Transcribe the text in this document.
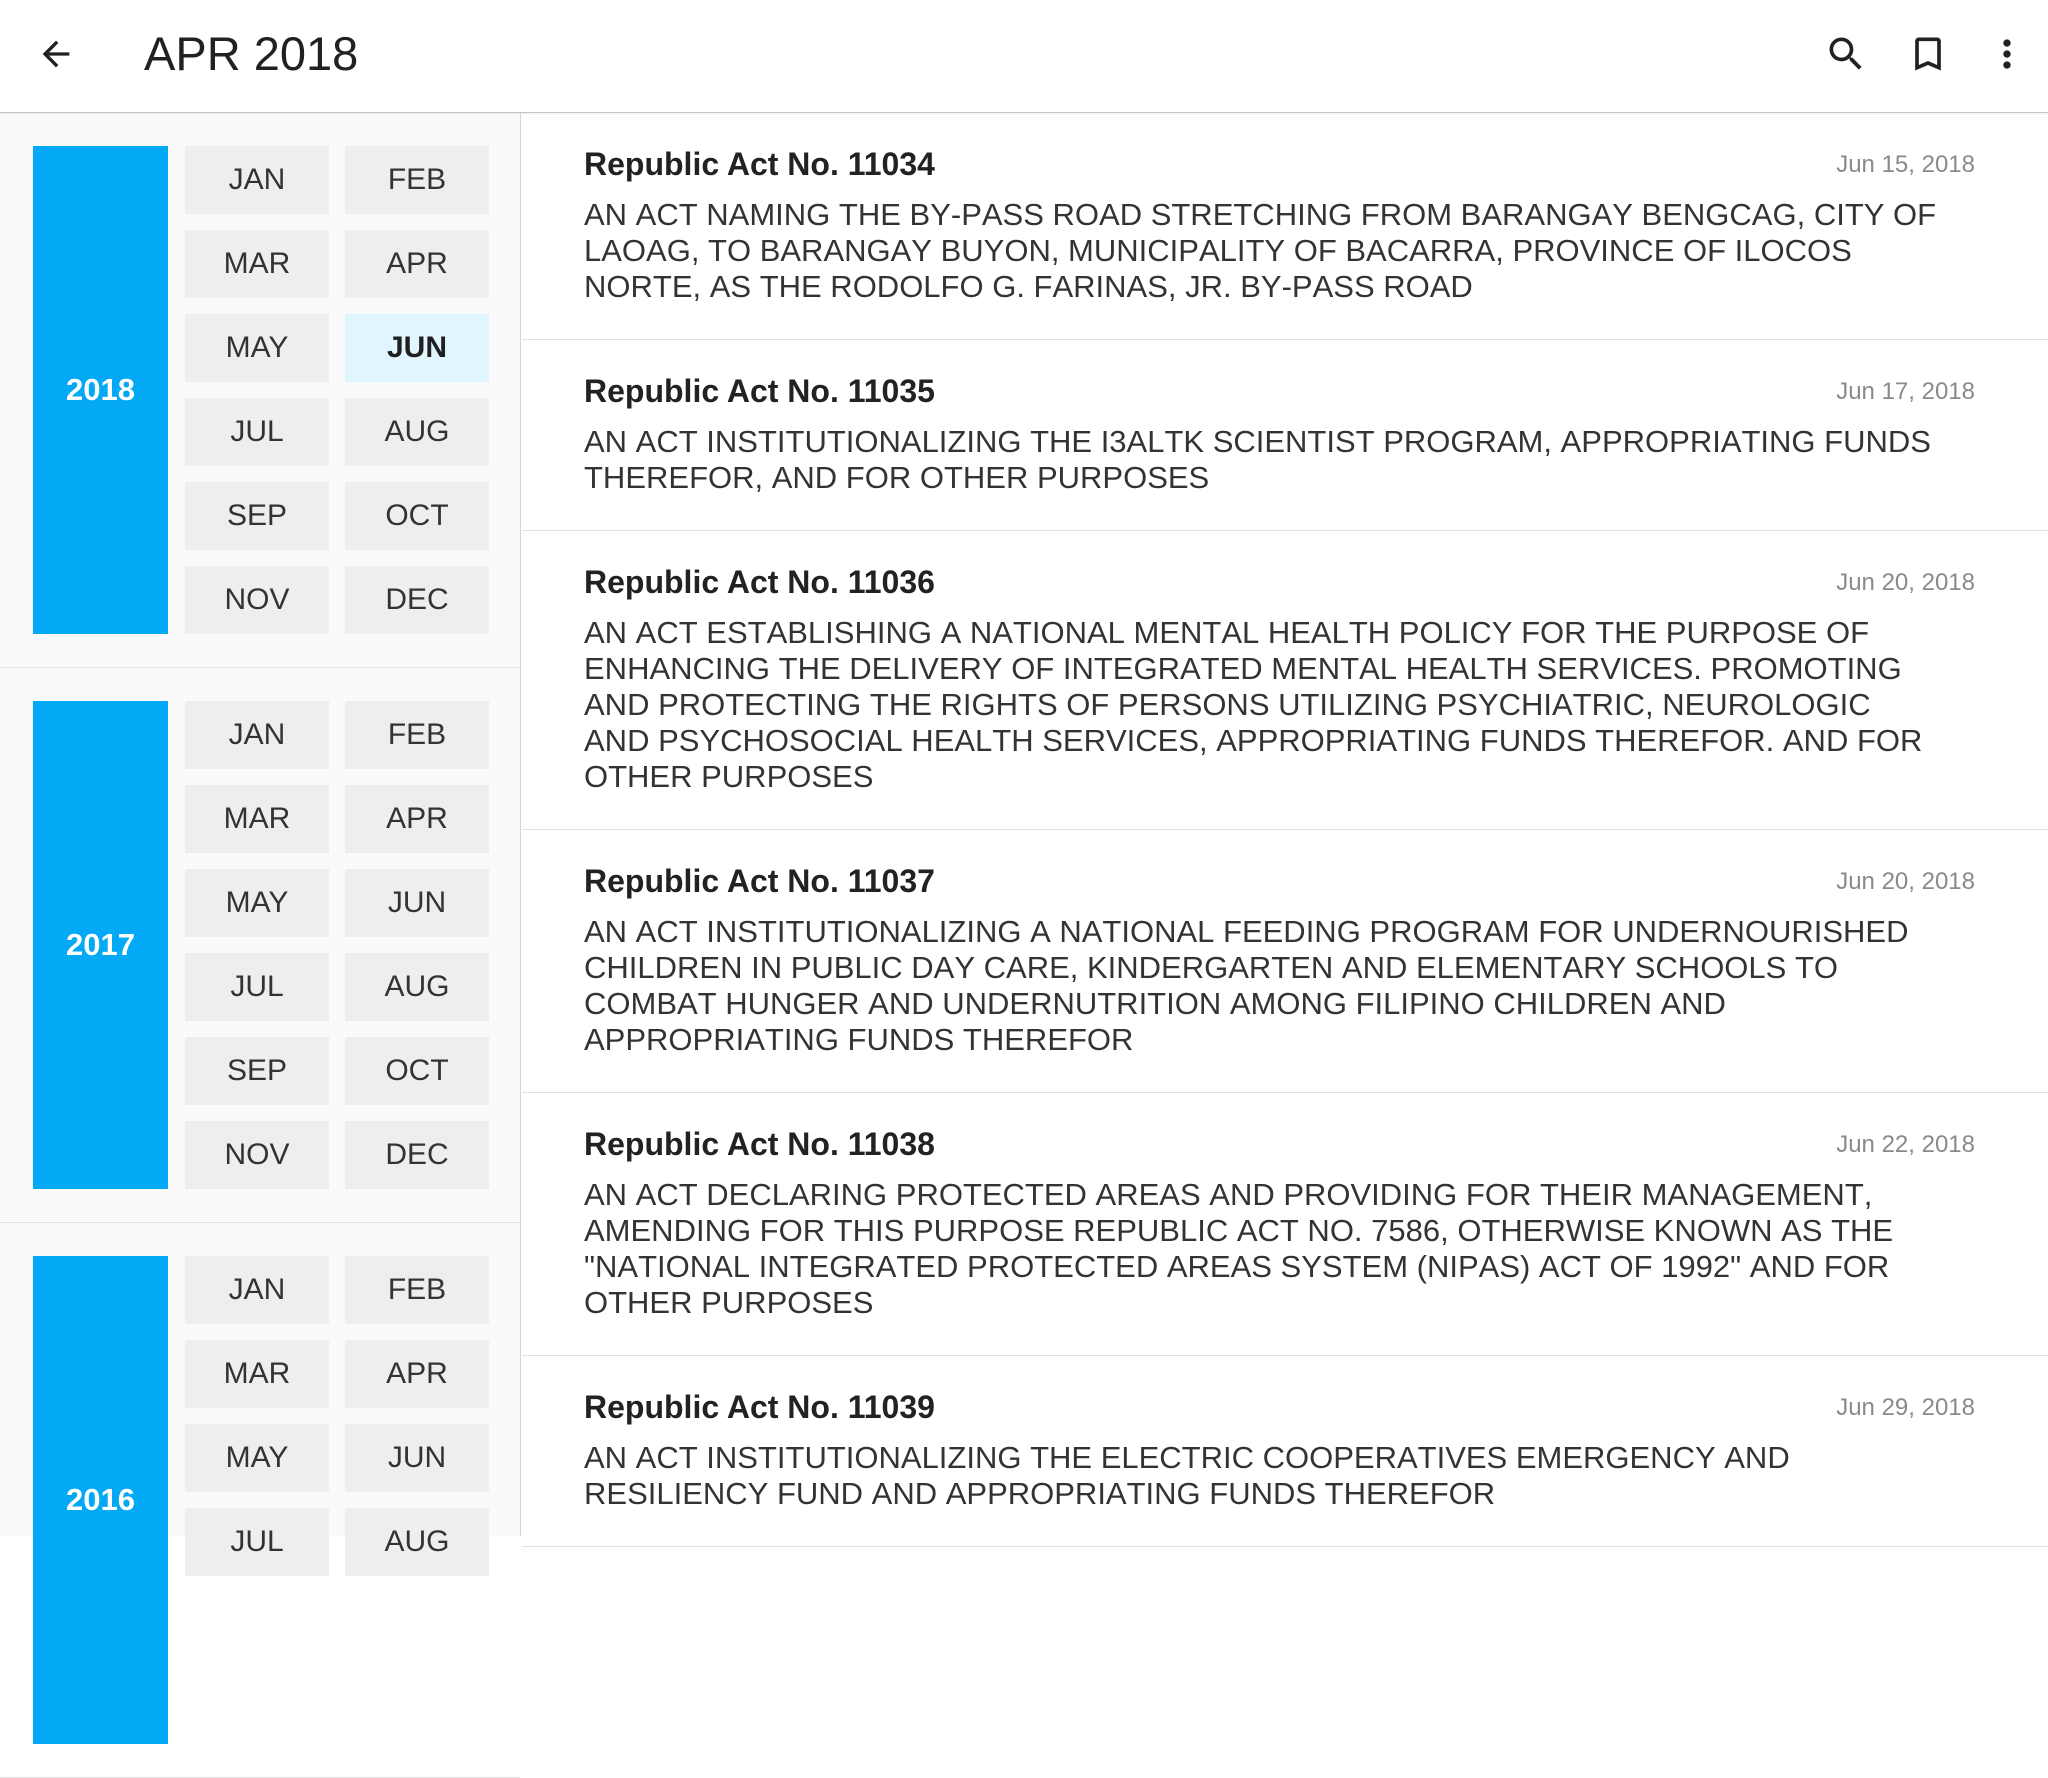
APR 2018
2018
JAN	FEB
MAR	APR
MAY	JUN
JUL	AUG
SEP	OCT
NOV	DEC
2017
JAN	FEB
MAR	APR
MAY	JUN
JUL	AUG
SEP	OCT
NOV	DEC
2016
JAN	FEB
MAR	APR
MAY	JUN
JUL	AUG
Republic Act No. 11034	Jun 15, 2018
AN ACT NAMING THE BY-PASS ROAD STRETCHING FROM BARANGAY BENGCAG, CITY OF LAOAG, TO BARANGAY BUYON, MUNICIPALITY OF BACARRA, PROVINCE OF ILOCOS NORTE, AS THE RODOLFO G. FARINAS, JR. BY-PASS ROAD
Republic Act No. 11035	Jun 17, 2018
AN ACT INSTITUTIONALIZING THE I3ALTK SCIENTIST PROGRAM, APPROPRIATING FUNDS THEREFOR, AND FOR OTHER PURPOSES
Republic Act No. 11036	Jun 20, 2018
AN ACT ESTABLISHING A NATIONAL MENTAL HEALTH POLICY FOR THE PURPOSE OF ENHANCING THE DELIVERY OF INTEGRATED MENTAL HEALTH SERVICES. PROMOTING AND PROTECTING THE RIGHTS OF PERSONS UTILIZING PSYCHIATRIC, NEUROLOGIC AND PSYCHOSOCIAL HEALTH SERVICES, APPROPRIATING FUNDS THEREFOR. AND FOR OTHER PURPOSES
Republic Act No. 11037	Jun 20, 2018
AN ACT INSTITUTIONALIZING A NATIONAL FEEDING PROGRAM FOR UNDERNOURISHED CHILDREN IN PUBLIC DAY CARE, KINDERGARTEN AND ELEMENTARY SCHOOLS TO COMBAT HUNGER AND UNDERNUTRITION AMONG FILIPINO CHILDREN AND APPROPRIATING FUNDS THEREFOR
Republic Act No. 11038	Jun 22, 2018
AN ACT DECLARING PROTECTED AREAS AND PROVIDING FOR THEIR MANAGEMENT, AMENDING FOR THIS PURPOSE REPUBLIC ACT NO. 7586, OTHERWISE KNOWN AS THE "NATIONAL INTEGRATED PROTECTED AREAS SYSTEM (NIPAS) ACT OF 1992" AND FOR OTHER PURPOSES
Republic Act No. 11039	Jun 29, 2018
AN ACT INSTITUTIONALIZING THE ELECTRIC COOPERATIVES EMERGENCY AND RESILIENCY FUND AND APPROPRIATING FUNDS THEREFOR
